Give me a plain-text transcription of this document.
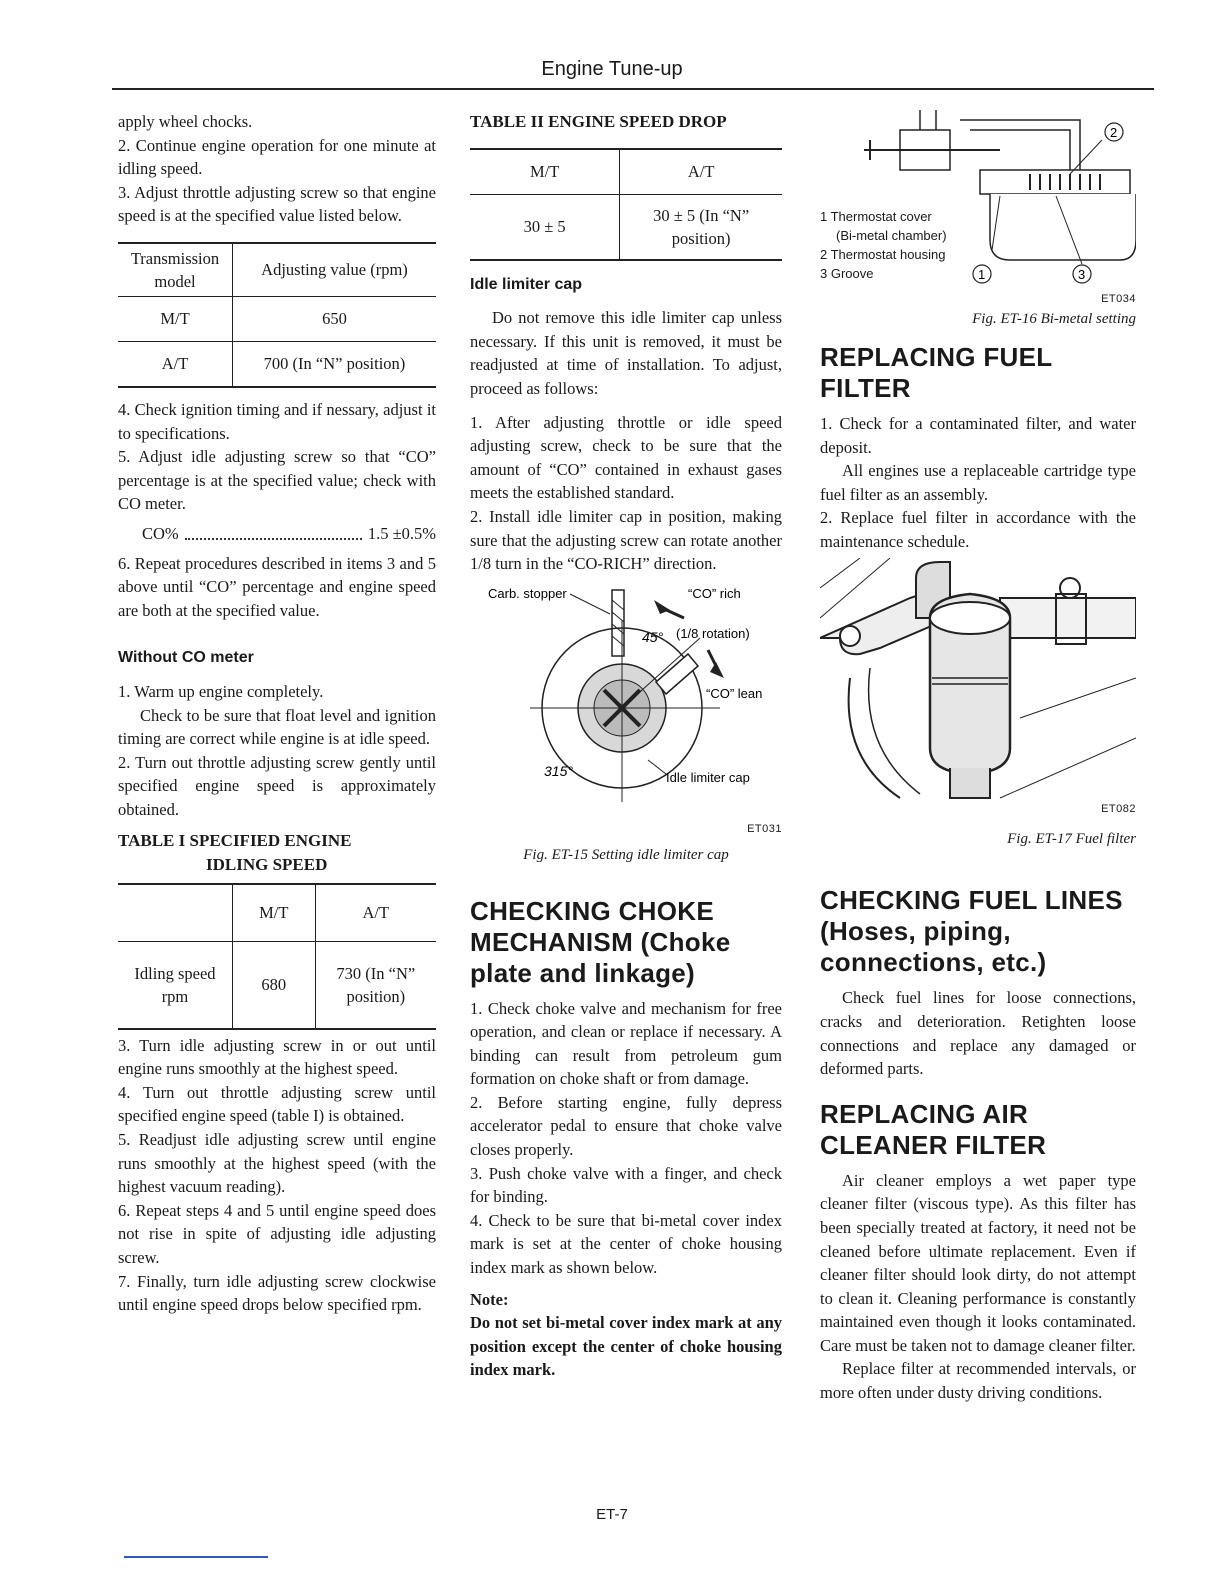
Engine Tune-up

apply wheel chocks.

2. Continue engine operation for one minute at idling speed.

3. Adjust throttle adjusting screw so that engine speed is at the specified value listed below.

Transmission model	Adjusting value (rpm)
M/T	650
A/T	700 (In “N” position)

4. Check ignition timing and if nessary, adjust it to specifications.

5. Adjust idle adjusting screw so that “CO” percentage is at the specified value; check with CO meter.

CO%	1.5 ±0.5%

6. Repeat procedures described in items 3 and 5 above until “CO” percentage and engine speed are both at the specified value.

Without CO meter

1. Warm up engine completely.

Check to be sure that float level and ignition timing are correct while engine is at idle speed.

2. Turn out throttle adjusting screw gently until specified engine speed is approximately obtained.

TABLE I SPECIFIED ENGINE
IDLING SPEED
	M/T	A/T
Idling speed rpm	680	730 (In “N” position)

3. Turn idle adjusting screw in or out until engine runs smoothly at the highest speed.

4. Turn out throttle adjusting screw until specified engine speed (table I) is obtained.

5. Readjust idle adjusting screw until engine runs smoothly at the highest speed (with the highest vacuum reading).

6. Repeat steps 4 and 5 until engine speed does not rise in spite of adjusting idle adjusting screw.

7. Finally, turn idle adjusting screw clockwise until engine speed drops below specified rpm.

TABLE II ENGINE SPEED DROP
M/T	A/T
30 ± 5	30 ± 5 (In “N” position)
Idle limiter cap

Do not remove this idle limiter cap unless necessary. If this unit is removed, it must be readjusted at time of installation. To adjust, proceed as follows:

1. After adjusting throttle or idle speed adjusting screw, check to be sure that the amount of “CO” contained in exhaust gases meets the established standard.

2. Install idle limiter cap in position, making sure that the adjusting screw can rotate another 1/8 turn in the “CO-RICH” direction.

Carb. stopper	“CO” rich
45° (1/8 rotation)
“CO” lean
315°	Idle limiter cap
ET031
Fig. ET-15 Setting idle limiter cap
CHECKING CHOKE MECHANISM (Choke plate and linkage)

1. Check choke valve and mechanism for free operation, and clean or replace if necessary. A binding can result from petroleum gum formation on choke shaft or from damage.

2. Before starting engine, fully depress accelerator pedal to ensure that choke valve closes properly.

3. Push choke valve with a finger, and check for binding.

4. Check to be sure that bi-metal cover index mark is set at the center of choke housing index mark as shown below.

Note:

Do not set bi-metal cover index mark at any position except the center of choke housing index mark.

2
1	3
1 Thermostat cover
(Bi-metal chamber)
2 Thermostat housing
3 Groove
ET034
Fig. ET-16 Bi-metal setting
REPLACING FUEL FILTER

1. Check for a contaminated filter, and water deposit.

All engines use a replaceable cartridge type fuel filter as an assembly.

2. Replace fuel filter in accordance with the maintenance schedule.

ET082
Fig. ET-17 Fuel filter
CHECKING FUEL LINES (Hoses, piping, connections, etc.)

Check fuel lines for loose connections, cracks and deterioration. Retighten loose connections and replace any damaged or deformed parts.

REPLACING AIR CLEANER FILTER

Air cleaner employs a wet paper type cleaner filter (viscous type). As this filter has been specially treated at factory, it need not be cleaned before ultimate replacement. Even if cleaner filter should look dirty, do not attempt to clean it. Cleaning performance is constantly maintained even though it looks contaminated. Care must be taken not to damage cleaner filter.

Replace filter at recommended intervals, or more often under dusty driving conditions.

ET-7
